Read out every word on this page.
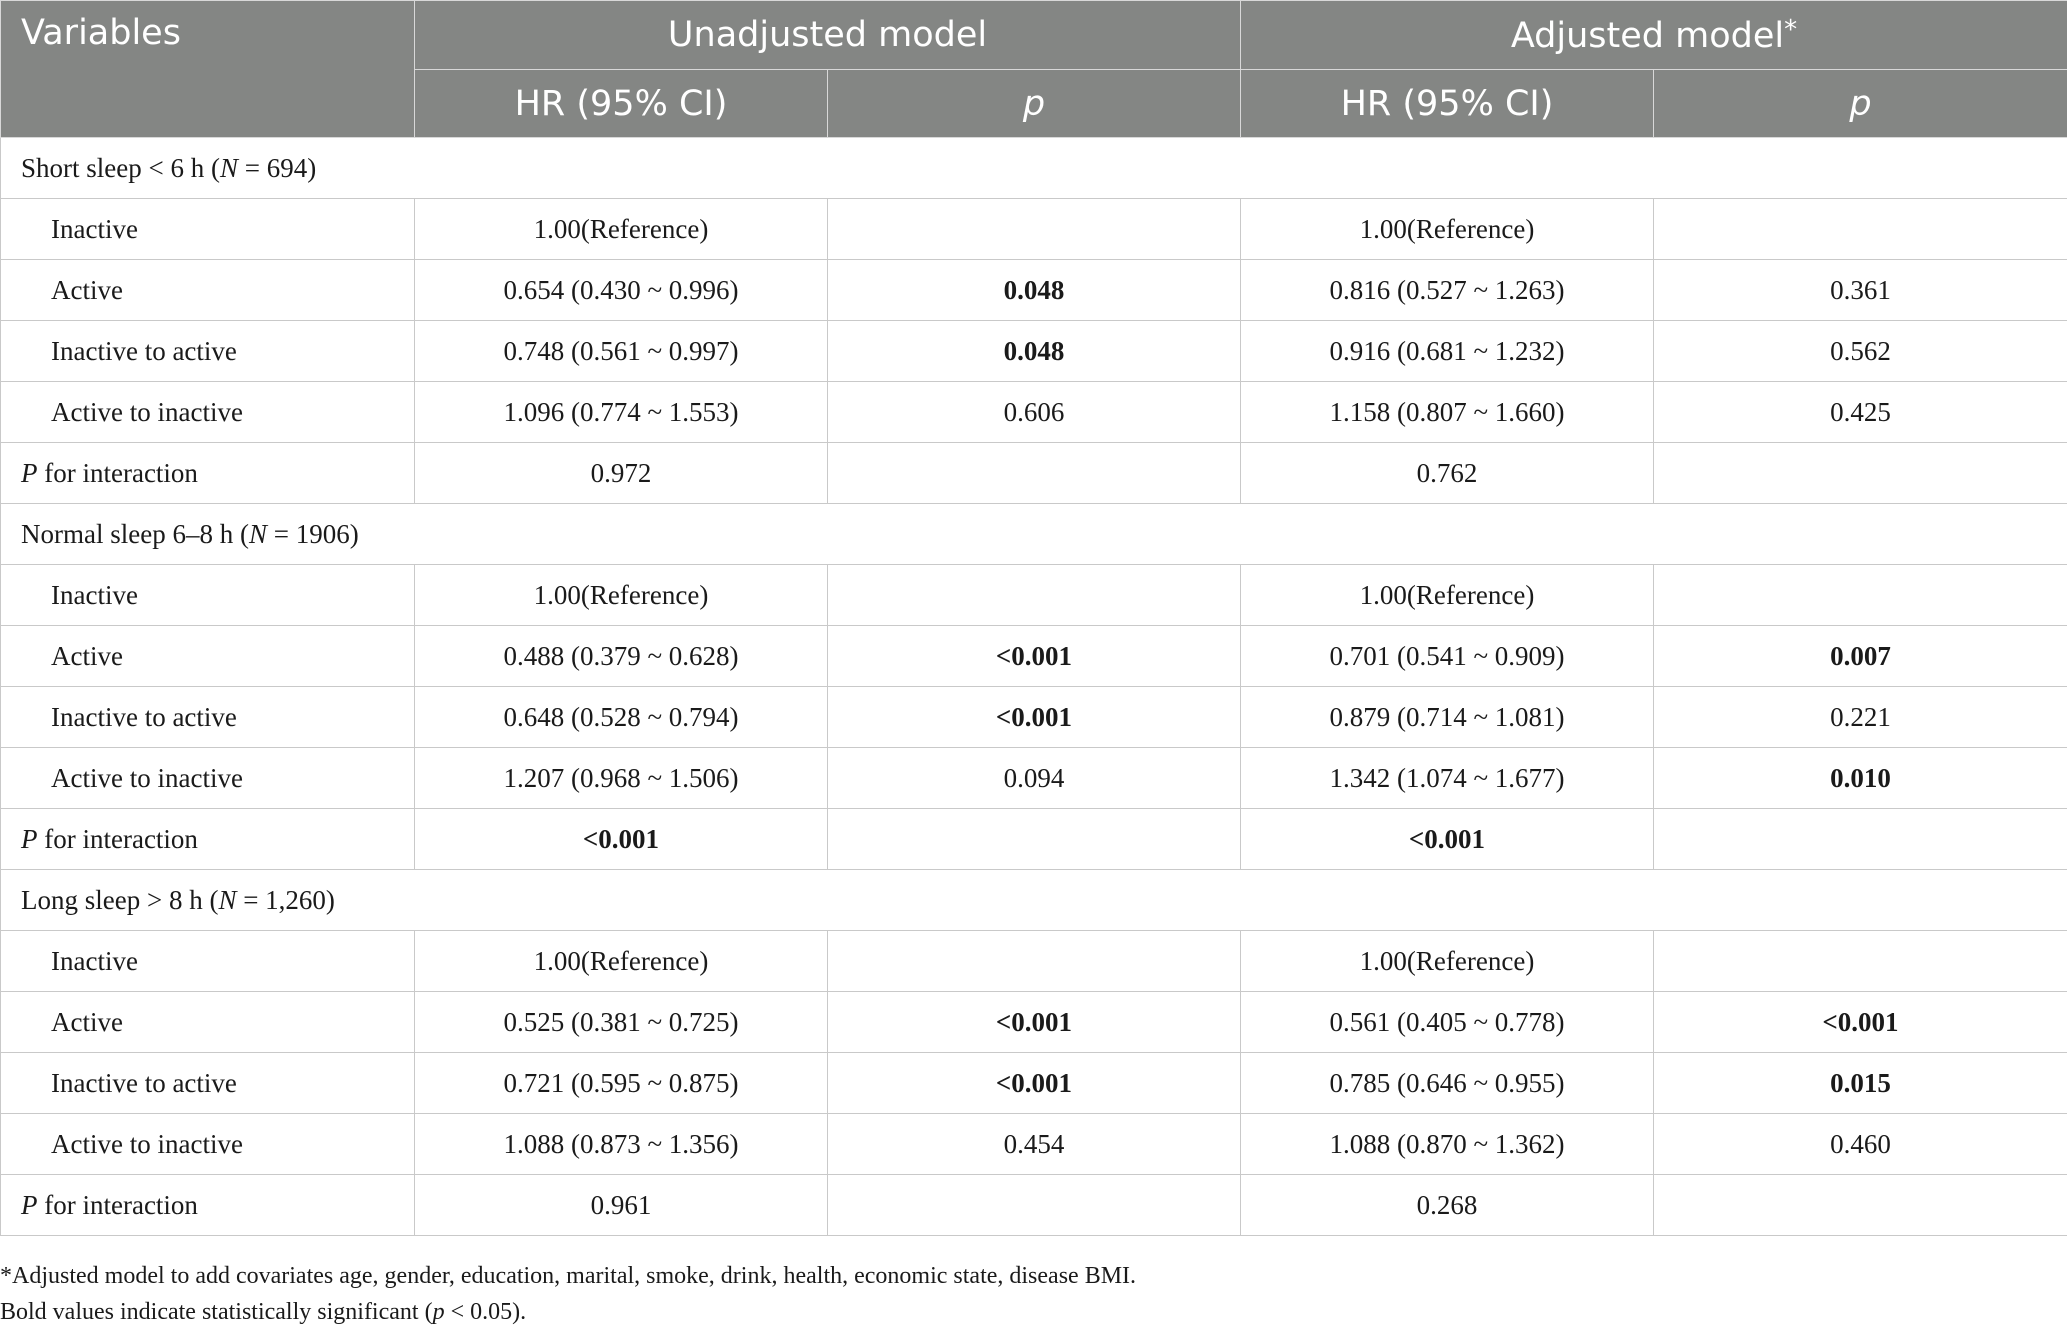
Variables	Unadjusted model		Adjusted model*
	HR (95% CI)	p	HR (95% CI)	p
Short sleep < 6 h (N = 694)				
Inactive	1.00(Reference)		1.00(Reference)	
Active	0.654 (0.430 ~ 0.996)	0.048	0.816 (0.527 ~ 1.263)	0.361
Inactive to active	0.748 (0.561 ~ 0.997)	0.048	0.916 (0.681 ~ 1.232)	0.562
Active to inactive	1.096 (0.774 ~ 1.553)	0.606	1.158 (0.807 ~ 1.660)	0.425
P for interaction	0.972		0.762	
Normal sleep 6–8 h (N = 1906)				
Inactive	1.00(Reference)		1.00(Reference)	
Active	0.488 (0.379 ~ 0.628)	<0.001	0.701 (0.541 ~ 0.909)	0.007
Inactive to active	0.648 (0.528 ~ 0.794)	<0.001	0.879 (0.714 ~ 1.081)	0.221
Active to inactive	1.207 (0.968 ~ 1.506)	0.094	1.342 (1.074 ~ 1.677)	0.010
P for interaction	<0.001		<0.001	
Long sleep > 8 h (N = 1,260)				
Inactive	1.00(Reference)		1.00(Reference)	
Active	0.525 (0.381 ~ 0.725)	<0.001	0.561 (0.405 ~ 0.778)	<0.001
Inactive to active	0.721 (0.595 ~ 0.875)	<0.001	0.785 (0.646 ~ 0.955)	0.015
Active to inactive	1.088 (0.873 ~ 1.356)	0.454	1.088 (0.870 ~ 1.362)	0.460
P for interaction	0.961		0.268	

*Adjusted model to add covariates age, gender, education, marital, smoke, drink, health, economic state, disease BMI.

Bold values indicate statistically significant (p < 0.05).
